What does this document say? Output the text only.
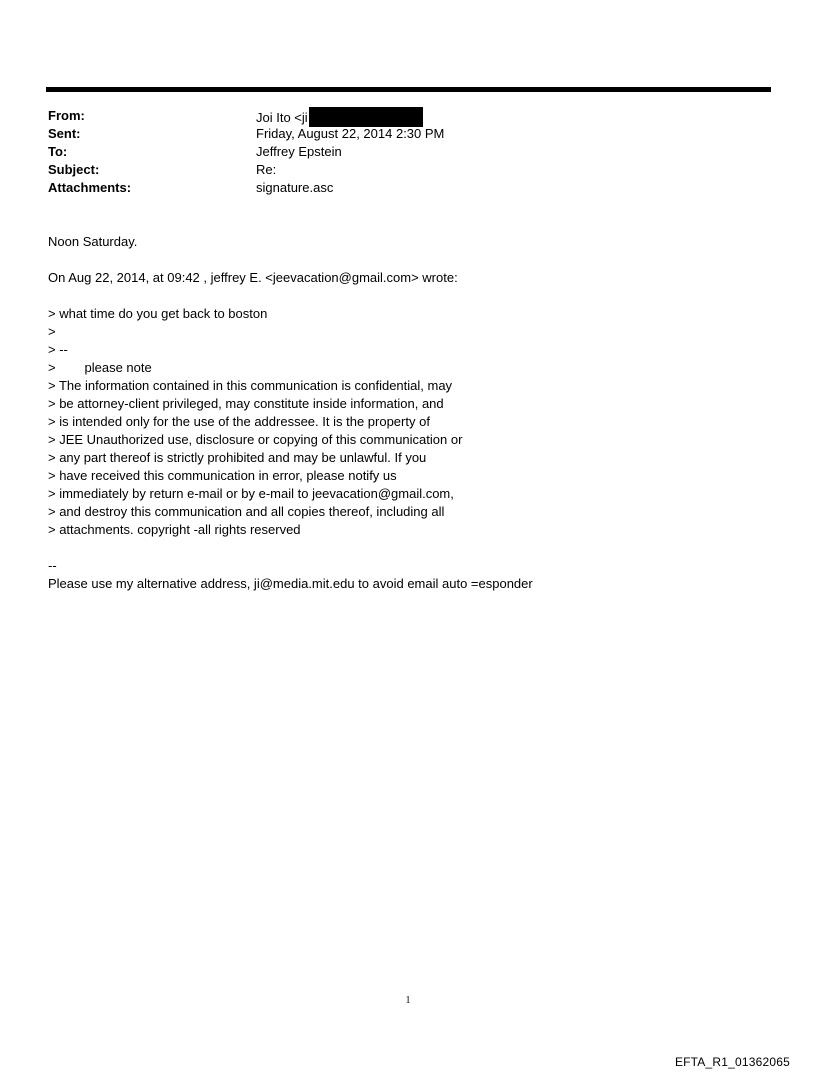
From:	Joi Ito <ji
Sent:	Friday, August 22, 2014 2:30 PM
To:	Jeffrey Epstein
Subject:	Re:
Attachments:	signature.asc

Noon Saturday.

On Aug 22, 2014, at 09:42 , jeffrey E. <jeevacation@gmail.com> wrote:

> what time do you get back to boston

>

> --

>        please note

> The information contained in this communication is confidential, may

> be attorney-client privileged, may constitute inside information, and

> is intended only for the use of the addressee. It is the property of

> JEE Unauthorized use, disclosure or copying of this communication or

> any part thereof is strictly prohibited and may be unlawful. If you

> have received this communication in error, please notify us

> immediately by return e-mail or by e-mail to jeevacation@gmail.com,

> and destroy this communication and all copies thereof, including all

> attachments. copyright -all rights reserved

--

Please use my alternative address, ji@media.mit.edu to avoid email auto =esponder

1
EFTA_R1_01362065
